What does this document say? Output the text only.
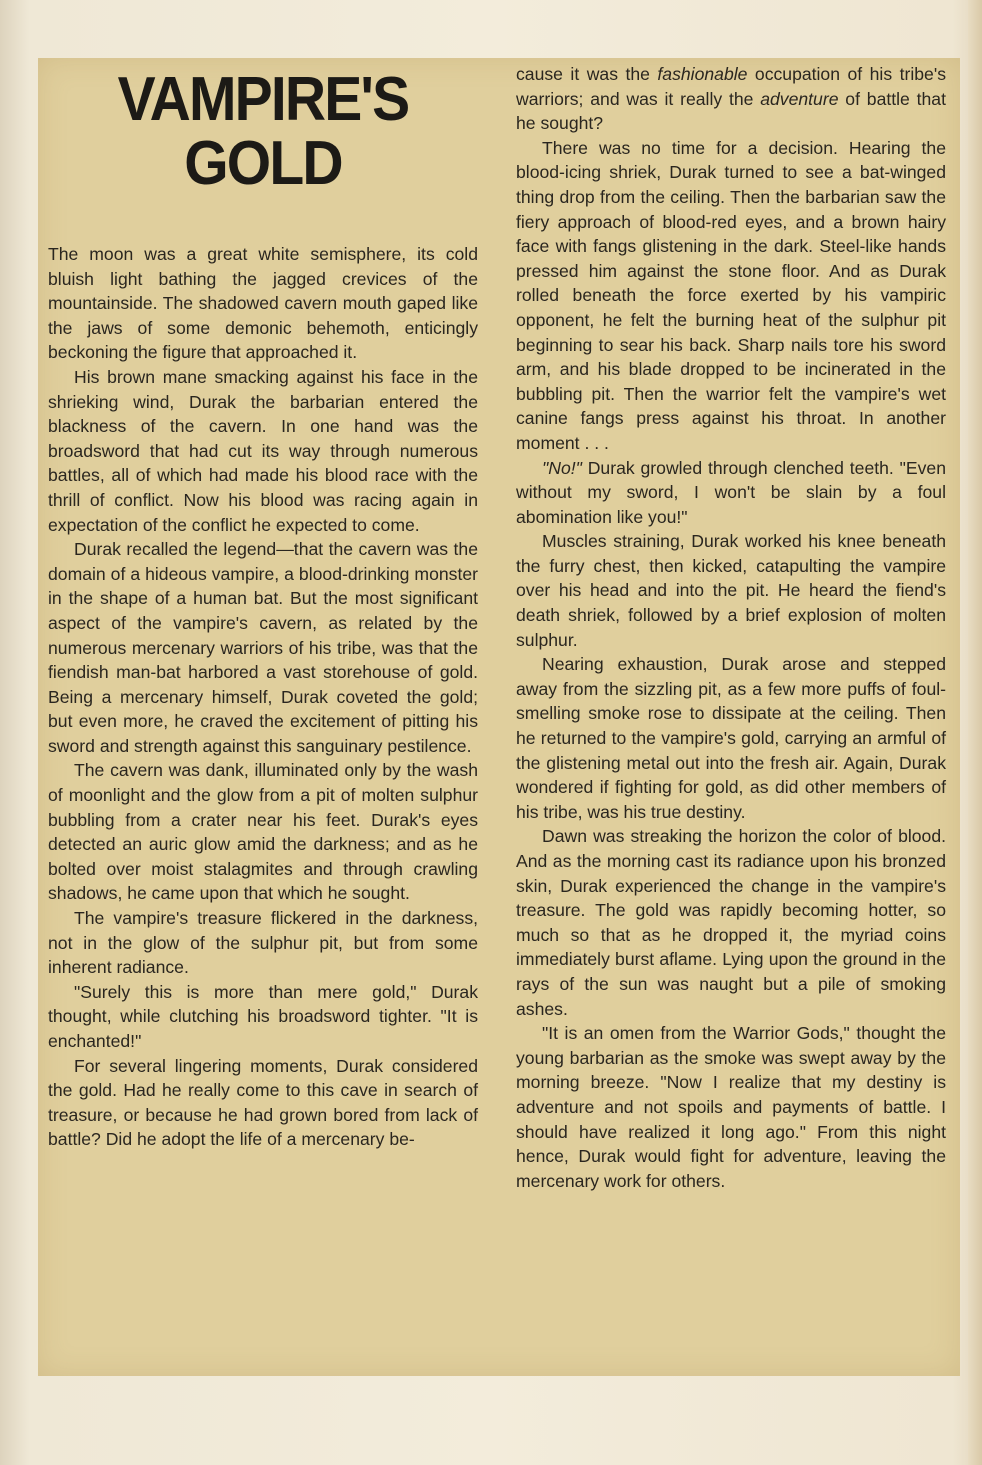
VAMPIRE'S
GOLD

The moon was a great white semisphere, its cold bluish light bathing the jagged crevices of the mountainside. The shadowed cavern mouth gaped like the jaws of some demonic behemoth, enticingly beckoning the figure that approached it.

His brown mane smacking against his face in the shrieking wind, Durak the barbarian entered the blackness of the cavern. In one hand was the broadsword that had cut its way through numerous battles, all of which had made his blood race with the thrill of conflict. Now his blood was racing again in expectation of the conflict he expected to come.

Durak recalled the legend—that the cavern was the domain of a hideous vampire, a blood-drinking monster in the shape of a human bat. But the most significant aspect of the vampire's cavern, as related by the numerous mercenary warriors of his tribe, was that the fiendish man-bat harbored a vast storehouse of gold. Being a mercenary himself, Durak coveted the gold; but even more, he craved the excitement of pitting his sword and strength against this sanguinary pestilence.

The cavern was dank, illuminated only by the wash of moonlight and the glow from a pit of molten sulphur bubbling from a crater near his feet. Durak's eyes detected an auric glow amid the darkness; and as he bolted over moist stalagmites and through crawling shadows, he came upon that which he sought.

The vampire's treasure flickered in the darkness, not in the glow of the sulphur pit, but from some inherent radiance.

"Surely this is more than mere gold," Durak thought, while clutching his broadsword tighter. "It is enchanted!"

For several lingering moments, Durak considered the gold. Had he really come to this cave in search of treasure, or because he had grown bored from lack of battle? Did he adopt the life of a mercenary be-

cause it was the fashionable occupation of his tribe's warriors; and was it really the adventure of battle that he sought?

There was no time for a decision. Hearing the blood-icing shriek, Durak turned to see a bat-winged thing drop from the ceiling. Then the barbarian saw the fiery approach of blood-red eyes, and a brown hairy face with fangs glistening in the dark. Steel-like hands pressed him against the stone floor. And as Durak rolled beneath the force exerted by his vampiric opponent, he felt the burning heat of the sulphur pit beginning to sear his back. Sharp nails tore his sword arm, and his blade dropped to be incinerated in the bubbling pit. Then the warrior felt the vampire's wet canine fangs press against his throat. In another moment . . .

"No!" Durak growled through clenched teeth. "Even without my sword, I won't be slain by a foul abomination like you!"

Muscles straining, Durak worked his knee beneath the furry chest, then kicked, catapulting the vampire over his head and into the pit. He heard the fiend's death shriek, followed by a brief explosion of molten sulphur.

Nearing exhaustion, Durak arose and stepped away from the sizzling pit, as a few more puffs of foul-smelling smoke rose to dissipate at the ceiling. Then he returned to the vampire's gold, carrying an armful of the glistening metal out into the fresh air. Again, Durak wondered if fighting for gold, as did other members of his tribe, was his true destiny.

Dawn was streaking the horizon the color of blood. And as the morning cast its radiance upon his bronzed skin, Durak experienced the change in the vampire's treasure. The gold was rapidly becoming hotter, so much so that as he dropped it, the myriad coins immediately burst aflame. Lying upon the ground in the rays of the sun was naught but a pile of smoking ashes.

"It is an omen from the Warrior Gods," thought the young barbarian as the smoke was swept away by the morning breeze. "Now I realize that my destiny is adventure and not spoils and payments of battle. I should have realized it long ago." From this night hence, Durak would fight for adventure, leaving the mercenary work for others.
